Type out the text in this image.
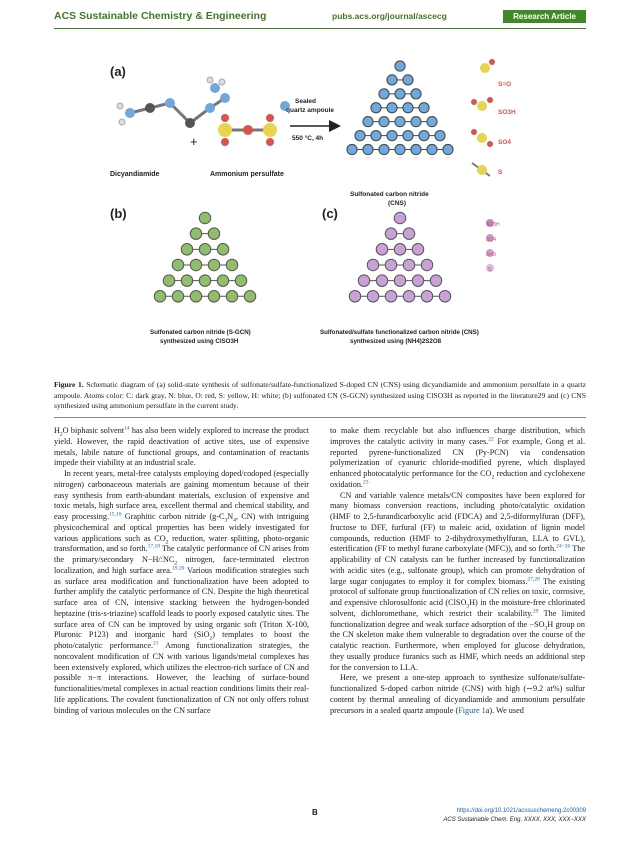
ACS Sustainable Chemistry & Engineering	pubs.acs.org/journal/ascecg	Research Article
+
Dicyandiamide	Ammonium persulfate
Sealed
quartz ampoule
550 °C, 4h
Sulfonated carbon nitride
(CNS)
S=O
SO3H
SO4
S
SO3H
SO4
S=O
S
(a)
(b)	(c)
Sulfonated carbon nitride (S-GCN)
synthesized using ClSO3H
Sulfonated/sulfate functionalized carbon nitride (CNS)
synthesized using (NH4)2S2O8
Figure 1. Schematic diagram of (a) solid-state synthesis of sulfonate/sulfate-functionalized S-doped CN (CNS) using dicyandiamide and ammonium persulfate in a quartz ampoule. Atoms color: C: dark gray, N: blue, O: red, S: yellow, H: white; (b) sulfonated CN (S-GCN) synthesized using ClSO3H as reported in the literature29 and (c) CNS synthesized using ammonium persulfate in the current study.

$H_2O$ biphasic solvent$^{14}$ has also been widely explored to increase the product yield. However, the rapid deactivation of active sites, use of expensive metals, labile nature of functional groups, and contamination of reactants impede their viability at an industrial scale.

In recent years, metal-free catalysts employing doped/codoped (especially nitrogen) carbonaceous materials are gaining momentum because of their easy synthesis from earth-abundant materials, exclusion of expensive and toxic metals, high surface area, excellent thermal and chemical stability, and easy processing.$^{15,16}$ Graphitic carbon nitride ($g-C_3N_4$, CN) with intriguing physicochemical and optical properties has been widely investigated for various applications such as $CO_2$ reduction, water splitting, photo-organic transformation, and so forth.$^{17,18}$ The catalytic performance of CN arises from the primary/secondary $N-H/:NC_2$ nitrogen, face-terminated electron localization, and high surface area.$^{19,20}$ Various modification strategies such as surface area modification and functionalization have been adopted to further amplify the catalytic performance of CN. Despite the high theoretical surface area of CN, intensive stacking between the hydrogen-bonded heptazine (tris-s-triazine) scaffold leads to poorly exposed catalytic sites. The surface area of CN can be improved by using organic soft (Triton X-100, Pluronic P123) and inorganic hard (SiO$_2$) templates to boost the photo/catalytic performance.$^{21}$ Among functionalization strategies, the noncovalent modification of CN with various ligands/metal complexes has been extensively explored, which utilizes the electron-rich surface of CN and possible π−π interactions. However, the leaching of surface-bound functionalities/metal complexes in actual reaction conditions limits their real-life applications. The covalent functionalization of CN not only offers robust binding of various molecules on the CN surface

to make them recyclable but also influences charge distribution, which improves the catalytic activity in many cases.$^{22}$ For example, Gong et al. reported pyrene-functionalized CN (Py-PCN) via condensation polymerization of cyanuric chloride-modified pyrene, which displayed enhanced photocatalytic performance for the $CO_2$ reduction and cyclohexene oxidation.$^{23}$

CN and variable valence metals/CN composites have been explored for many biomass conversion reactions, including photo/catalytic oxidation (HMF to 2,5-furandicarboxylic acid (FDCA) and 2,5-diformylfuran (DFF), fructose to DFF, furfural (FF) to maleic acid, oxidation of lignin model compounds, reduction (HMF to 2-dihydroxymethylfuran, LLA to GVL), esterification (FF to methyl furane carboxylate (MFC)), and so forth.$^{24-26}$ The applicability of CN catalysts can be further increased by functionalization with acidic sites (e.g., sulfonate group), which can promote dehydration of large sugar conjugates to employ it for complex biomass.$^{27,28}$ The existing protocol of sulfonate group functionalization of CN relies on toxic, corrosive, and expensive chlorosulfonic acid (ClSO$_3$H) in the moisture-free chlorinated solvent, dichloromethane, which restrict their scalability.$^{29}$ The limited functionalization degree and weak surface adsorption of the $-SO_3H$ group on the CN skeleton make them vulnerable to degradation over the course of the catalytic reaction. Furthermore, when employed for glucose dehydration, they usually produce furanics such as HMF, which needs an additional step for the conversion to LLA.

Here, we present a one-step approach to synthesize sulfonate/sulfate-functionalized S-doped carbon nitride (CNS) with high (∼9.2 at%) sulfur content by thermal annealing of dicyandiamide and ammonium persulfate precursors in a sealed quartz ampoule (Figure 1a). We used

B	https://doi.org/10.1021/acssuschemeng.2c00309
ACS Sustainable Chem. Eng. XXXX, XXX, XXX−XXX
